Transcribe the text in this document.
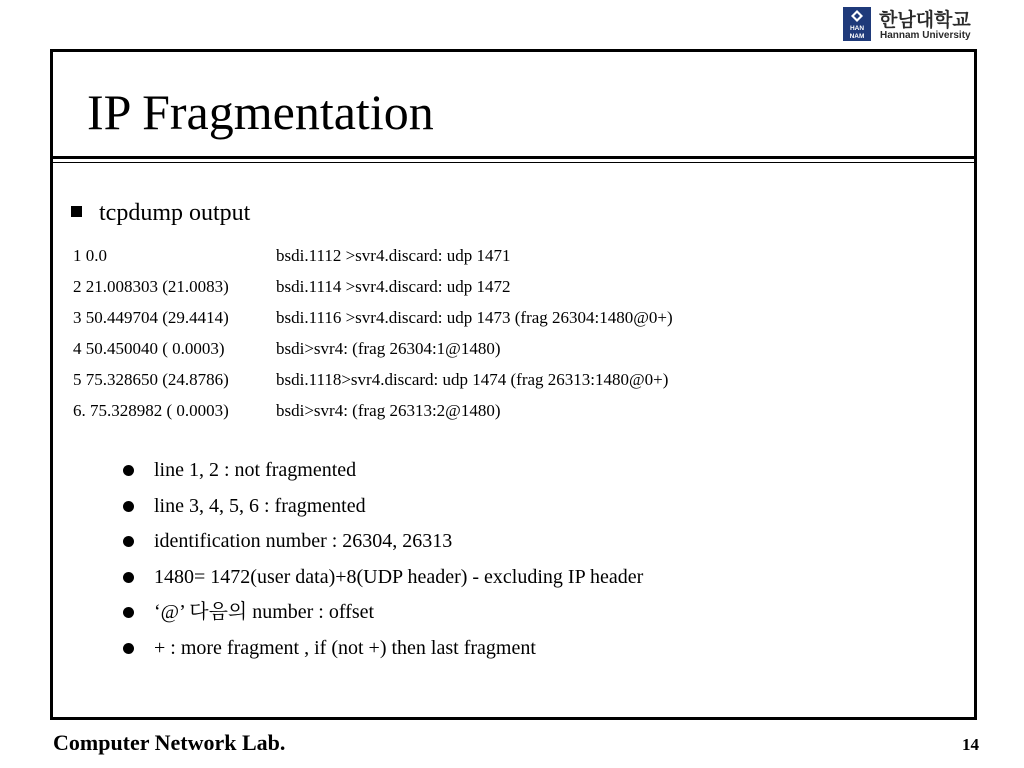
HAN
NAM
한남대학교
Hannam University
IP Fragmentation
tcpdump output
1 0.0	bsdi.1112 >svr4.discard: udp 1471
2 21.008303 (21.0083)	bsdi.1114 >svr4.discard: udp 1472
3 50.449704 (29.4414)	bsdi.1116 >svr4.discard: udp 1473 (frag 26304:1480@0+)
4 50.450040 ( 0.0003)	bsdi>svr4: (frag 26304:1@1480)
5 75.328650 (24.8786)	bsdi.1118>svr4.discard: udp 1474 (frag 26313:1480@0+)
6. 75.328982 ( 0.0003)	bsdi>svr4: (frag 26313:2@1480)
line 1, 2 : not fragmented
line 3, 4, 5, 6 : fragmented
identification number : 26304, 26313
1480= 1472(user data)+8(UDP header) - excluding IP header
‘@’ 다음의 number : offset
+ : more fragment , if (not +) then last fragment
Computer Network Lab.	14
